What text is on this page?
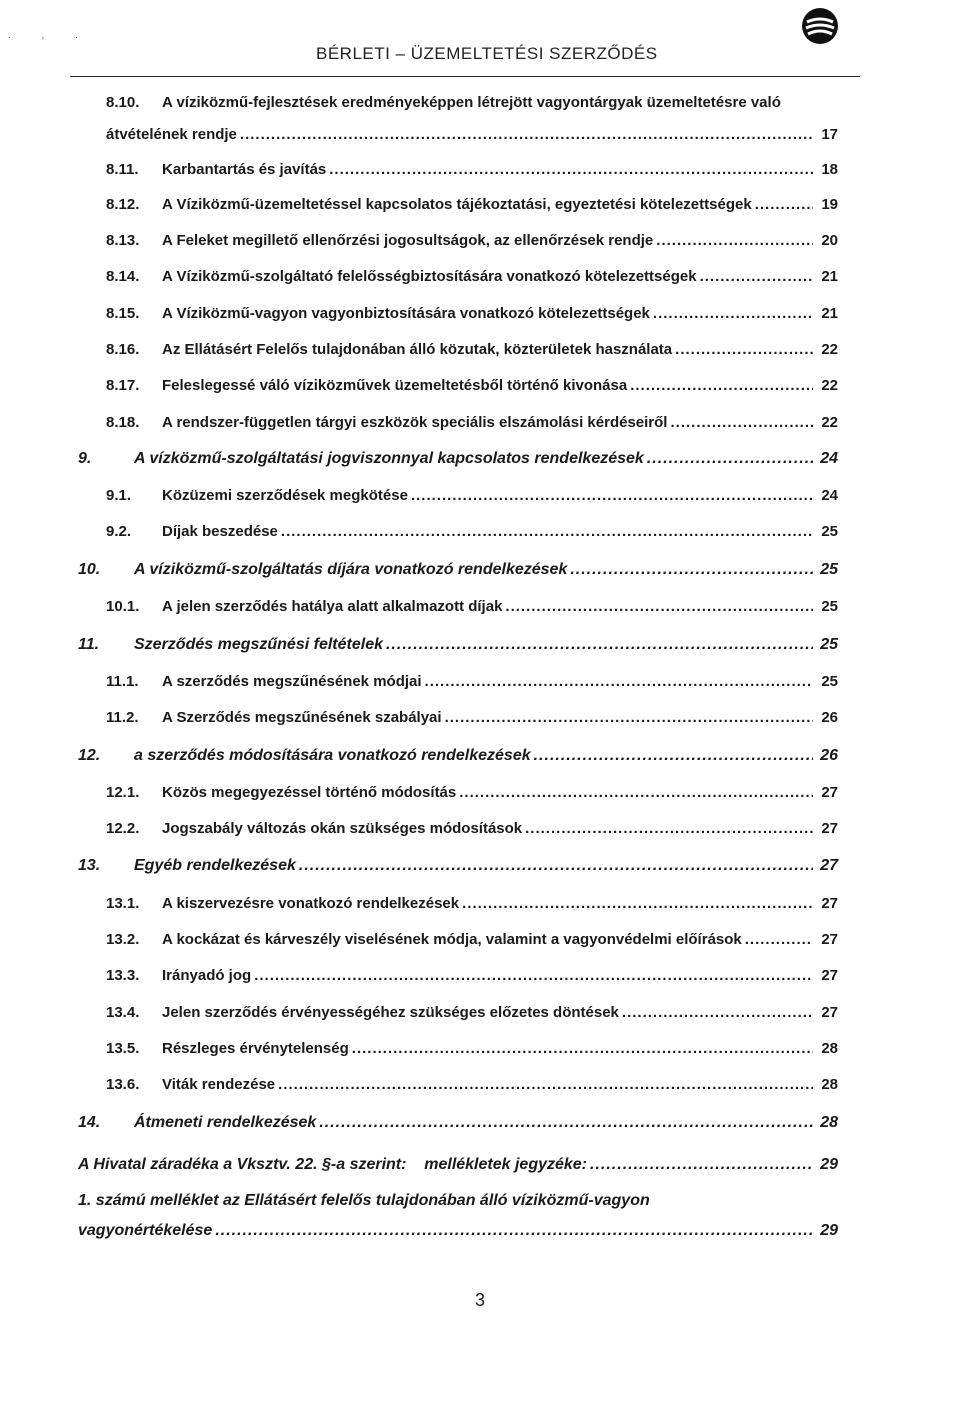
. , .
BÉRLETI – ÜZEMELTETÉSI SZERZŐDÉS
8.10. A víziközmű-fejlesztések eredményeképpen létrejött vagyontárgyak üzemeltetésre való
átvételének rendje .....	17
8.11.	Karbantartás és javítás .....	18
8.12.	A Víziközmű-üzemeltetéssel kapcsolatos tájékoztatási, egyeztetési kötelezettségek .....	19
8.13.	A Feleket megillető ellenőrzési jogosultságok, az ellenőrzések rendje .....	20
8.14.	A Víziközmű-szolgáltató felelősségbiztosítására vonatkozó kötelezettségek .....	21
8.15.	A Víziközmű-vagyon vagyonbiztosítására vonatkozó kötelezettségek .....	21
8.16.	Az Ellátásért Felelős tulajdonában álló közutak, közterületek használata .....	22
8.17.	Feleslegessé váló víziközművek üzemeltetésből történő kivonása .....	22
8.18.	A rendszer-független tárgyi eszközök speciális elszámolási kérdéseiről .....	22
9.	A vízközmű-szolgáltatási jogviszonnyal kapcsolatos rendelkezések .....	24
9.1.	Közüzemi szerződések megkötése .....	24
9.2.	Díjak beszedése .....	25
10.	A víziközmű-szolgáltatás díjára vonatkozó rendelkezések .....	25
10.1.	A jelen szerződés hatálya alatt alkalmazott díjak .....	25
11.	Szerződés megszűnési feltételek .....	25
11.1.	A szerződés megszűnésének módjai .....	25
11.2.	A Szerződés megszűnésének szabályai .....	26
12.	a szerződés módosítására vonatkozó rendelkezések .....	26
12.1.	Közös megegyezéssel történő módosítás .....	27
12.2.	Jogszabály változás okán szükséges módosítások .....	27
13.	Egyéb rendelkezések .....	27
13.1.	A kiszervezésre vonatkozó rendelkezések .....	27
13.2.	A kockázat és kárveszély viselésének módja, valamint a vagyonvédelmi előírások .....	27
13.3.	Irányadó jog .....	27
13.4.	Jelen szerződés érvényességéhez szükséges előzetes döntések .....	27
13.5.	Részleges érvénytelenség .....	28
13.6.	Viták rendezése .....	28
14.	Átmeneti rendelkezések .....	28
A Hivatal záradéka a Vksztv. 22. §-a szerint:    mellékletek jegyzéke: .....	29
1. számú melléklet az Ellátásért felelős tulajdonában álló víziközmű-vagyon
vagyonértékelése .....	29
3
